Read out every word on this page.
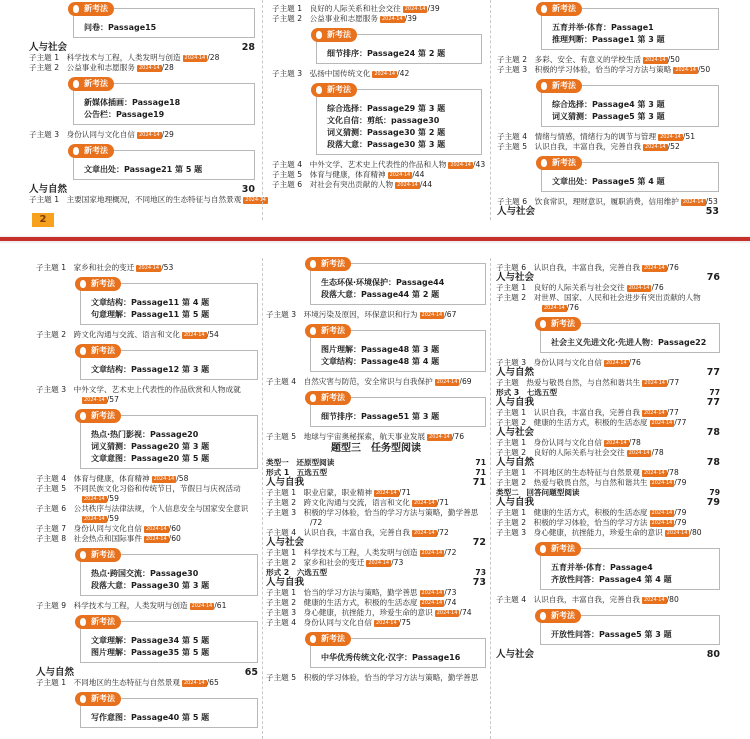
新考法
问卷：Passage15
28
人与社会
子主题 1　科学技术与工程，人类发明与创造 2024·14 /28
子主题 2　公益事业和志愿服务 2024·14 /28
新考法
新媒体插画：Passage18
公告栏：Passage19
子主题 3　身份认同与文化自信 2024·14 /29
新考法
文章出处：Passage21 第 5 题
30
人与自然
子主题 1　主要国家地理概况，不同地区的生态特征与自然景观 2024·14
子主题 1　良好的人际关系和社会交往 2024·14 /39
子主题 2　公益事业和志愿服务 2024·14 /39
新考法
细节排序：Passage24 第 2 题
子主题 3　弘扬中国传统文化 2024·14 /42
新考法
综合选择：Passage29 第 3 题
文化自信：剪纸：passage30
词义猜测：Passage30 第 2 题
段落大意：Passage30 第 3 题
子主题 4　中外文学、艺术史上代表性的作品和人物 2024·14 /43
子主题 5　体育与健康，体育精神 2024·14 /44
子主题 6　对社会有突出贡献的人物 2024·14 /44
新考法
五育并举·体育：Passage1
推理判断：Passage1 第 3 题
子主题 2　多彩、安全、有意义的学校生活 2024·14 /50
子主题 3　积极的学习体验，恰当的学习方法与策略 2024·14 /50
新考法
综合选择：Passage4 第 3 题
词义猜测：Passage5 第 3 题
子主题 4　情绪与情感，情绪行为的调节与管理 2024·14 /51
子主题 5　认识自我，丰富自我，完善自我 2024·14 /52
新考法
文章出处：Passage5 第 4 题
子主题 6　饮食常识，理财意识，履职消费，信用维护 2024·14 /53
53
人与社会
2
子主题 1　家乡和社会的变迁 2024·14 /53
新考法
文章结构：Passage11 第 4 题
句意理解：Passage11 第 5 题
子主题 2　跨文化沟通与交流、语言和文化 2024·14 /54
新考法
文章结构：Passage12 第 3 题
子主题 3　中外文学、艺术史上代表性的作品欣赏和人物成就
2024·14 /57
新考法
热点·热门影视：Passage20
词义猜测：Passage20 第 3 题
文章意图：Passage20 第 5 题
子主题 4　体育与健康，体育精神 2024·14 /58
子主题 5　不同民族文化习俗和传统节日，节假日与庆祝活动
2024·14 /59
子主题 6　公共秩序与法律法规，个人信息安全与国家安全意识
2024·14 /59
子主题 7　身份认同与文化自信 2024·14 /60
子主题 8　社会热点和国际事件 2024·14 /60
新考法
热点·跨国交流：Passage30
段落大意：Passage30 第 3 题
子主题 9　科学技术与工程，人类发明与创造 2024·14 /61
新考法
文章理解：Passage34 第 5 题
图片理解：Passage35 第 5 题
65
人与自然
子主题 1　不同地区的生态特征与自然景观 2024·14 /65
新考法
写作意图：Passage40 第 5 题
新考法
生态环保·环境保护：Passage44
段落大意：Passage44 第 2 题
子主题 3　环境污染及原因，环保意识和行为 2024·14 /67
新考法
图片理解：Passage48 第 3 题
文章结构：Passage48 第 4 题
子主题 4　自然灾害与防范，安全常识与自我保护 2024·14 /69
新考法
细节排序：Passage51 第 3 题
子主题 5　地球与宇宙奥秘探索，航天事业发展 2024·14 /76
题型三　任务型阅读
71
类型一　还原型阅读
71
形式 1　五选五型
71
人与自我
子主题 1　职业启蒙，职业精神 2024·14 /71
子主题 2　跨文化沟通与交流，语言和文化 2024·14 /71
子主题 3　积极的学习体验，恰当的学习方法与策略，勤学善思
/72
子主题 4　认识自我，丰富自我，完善自我 2024·14 /72
72
人与社会
子主题 1　科学技术与工程，人类发明与创造 2024·14 /72
子主题 2　家乡和社会的变迁 2024·14 /73
73
形式 2　六选五型
73
人与自我
子主题 1　恰当的学习方法与策略，勤学善思 2024·14 /73
子主题 2　健康的生活方式，积极的生活态度 2024·14 /74
子主题 3　身心健康，抗挫能力，珍爱生命的意识 2024·14 /74
子主题 4　身份认同与文化自信 2024·14 /75
新考法
中华优秀传统文化·汉字：Passage16
子主题 5　积极的学习体验，恰当的学习方法与策略，勤学善思
子主题 6　认识自我，丰富自我，完善自我 2024·14 /76
76
人与社会
子主题 1　良好的人际关系与社会交往 2024·14 /76
子主题 2　对世界、国家、人民和社会进步有突出贡献的人物
2024·14 /76
新考法
社会主义先进文化·先进人物：Passage22
子主题 3　身份认同与文化自信 2024·14 /76
77
人与自然
子主题　热爱与敬畏自然，与自然和谐共生 2024·14 /77
77
形式 3　七选五型
77
人与自我
子主题 1　认识自我，丰富自我，完善自我 2024·14 /77
子主题 2　健康的生活方式，积极的生活态度 2024·14 /77
78
人与社会
子主题 1　身份认同与文化自信 2024·14 /78
子主题 2　良好的人际关系与社会交往 2024·14 /78
78
人与自然
子主题 1　不同地区的生态特征与自然景观 2024·14 /78
子主题 2　热爱与敬畏自然，与自然和谐共生 2024·14 /79
79
类型二　回答问题型阅读
79
人与自我
子主题 1　健康的生活方式，积极的生活态度 2024·14 /79
子主题 2　积极的学习体验，恰当的学习方法 2024·14 /79
子主题 3　身心健康，抗挫能力，珍爱生命的意识 2024·14 /80
新考法
五育并举·体育：Passage4
齐放性问答：Passage4 第 4 题
子主题 4　认识自我，丰富自我，完善自我 2024·14 /80
新考法
开放性问答：Passage5 第 3 题
80
人与社会
